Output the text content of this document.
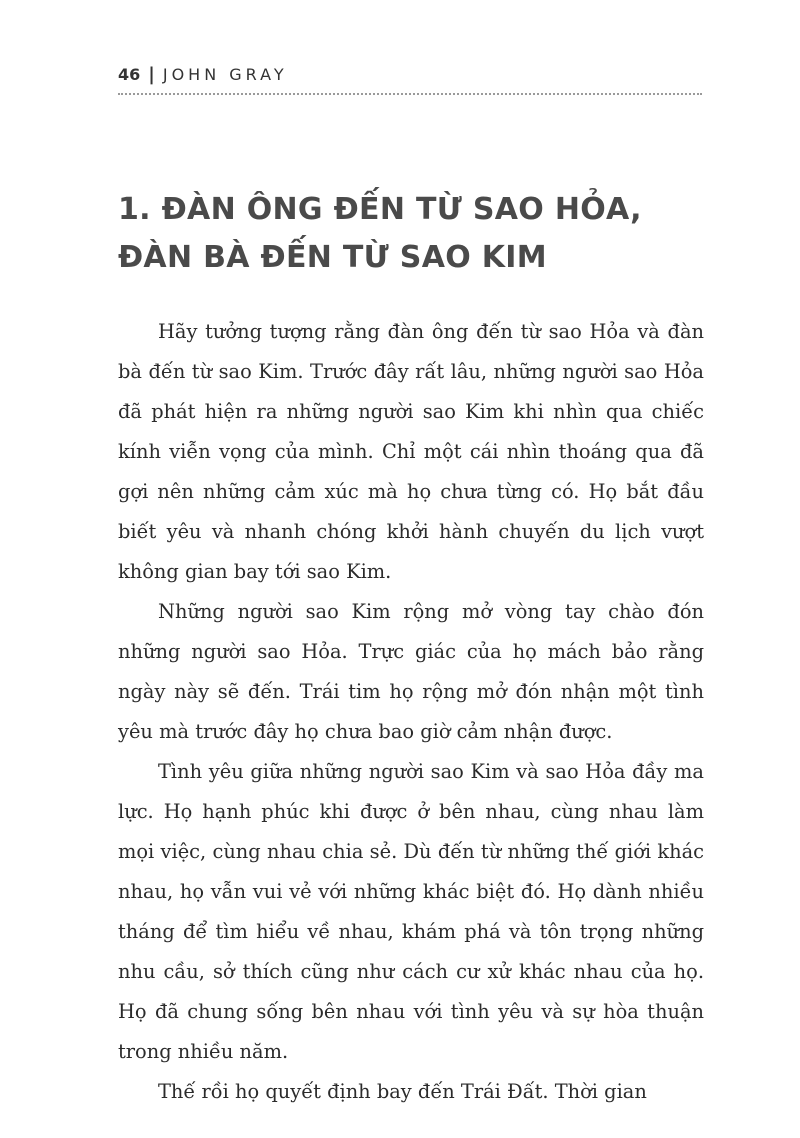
46 | JOHN GRAY
1. ĐÀN ÔNG ĐẾN TỪ SAO HỎA,
ĐÀN BÀ ĐẾN TỪ SAO KIM

Hãy tưởng tượng rằng đàn ông đến từ sao Hỏa và đàn bà đến từ sao Kim. Trước đây rất lâu, những người sao Hỏa đã phát hiện ra những người sao Kim khi nhìn qua chiếc kính viễn vọng của mình. Chỉ một cái nhìn thoáng qua đã gợi nên những cảm xúc mà họ chưa từng có. Họ bắt đầu biết yêu và nhanh chóng khởi hành chuyến du lịch vượt không gian bay tới sao Kim.

Những người sao Kim rộng mở vòng tay chào đón những người sao Hỏa. Trực giác của họ mách bảo rằng ngày này sẽ đến. Trái tim họ rộng mở đón nhận một tình yêu mà trước đây họ chưa bao giờ cảm nhận được.

Tình yêu giữa những người sao Kim và sao Hỏa đầy ma lực. Họ hạnh phúc khi được ở bên nhau, cùng nhau làm mọi việc, cùng nhau chia sẻ. Dù đến từ những thế giới khác nhau, họ vẫn vui vẻ với những khác biệt đó. Họ dành nhiều tháng để tìm hiểu về nhau, khám phá và tôn trọng những nhu cầu, sở thích cũng như cách cư xử khác nhau của họ. Họ đã chung sống bên nhau với tình yêu và sự hòa thuận trong nhiều năm.

Thế rồi họ quyết định bay đến Trái Đất. Thời gian
